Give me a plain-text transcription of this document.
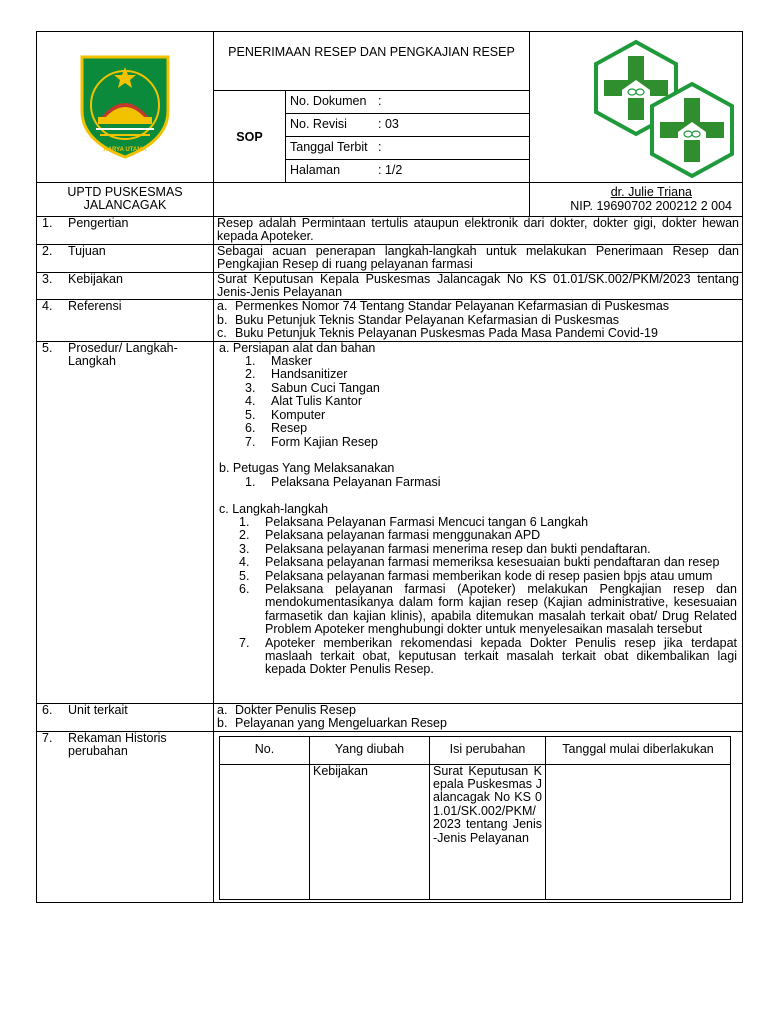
KARYA UTAMA	PENERIMAAN RESEP DAN PENGKAJIAN RESEP	

	SOP	No. Dokumen :	
		No. Revisi : 03	
		Tanggal Terbit :	
		Halaman : 1/2	
UPTD PUSKESMAS JALANCAGAK			dr. Julie Triana
NIP. 19690702 200212 2 004
1. Pengertian	Resep adalah Permintaan tertulis ataupun elektronik dari dokter, dokter gigi, dokter hewan kepada Apoteker.
2. Tujuan	Sebagai acuan penerapan langkah-langkah untuk melakukan Penerimaan Resep dan Pengkajian Resep di ruang pelayanan farmasi
3. Kebijakan	Surat Keputusan Kepala Puskesmas Jalancagak No KS 01.01/SK.002/PKM/2023 tentang Jenis-Jenis Pelayanan
4. Referensi	a. Permenkes Nomor 74 Tentang Standar Pelayanan Kefarmasian di Puskesmas
b. Buku Petunjuk Teknis Standar Pelayanan Kefarmasian di Puskesmas
c. Buku Petunjuk Teknis Pelayanan Puskesmas Pada Masa Pandemi Covid-19

5. Prosedur/ Langkah-Langkah	
a. Persiapan alat dan bahan
1.	Masker
2.	Handsanitizer
3.	Sabun Cuci Tangan
4.	Alat Tulis Kantor
5.	Komputer
6.	Resep
7.	Form Kajian Resep
b. Petugas Yang Melaksanakan
1.	Pelaksana Pelayanan Farmasi
c. Langkah-langkah
1.	Pelaksana Pelayanan Farmasi Mencuci tangan 6 Langkah
2.	Pelaksana pelayanan farmasi menggunakan APD
3.	Pelaksana pelayanan farmasi menerima resep dan bukti pendaftaran.
4.	Pelaksana pelayanan farmasi memeriksa kesesuaian bukti pendaftaran dan resep
5.	Pelaksana pelayanan farmasi memberikan kode di resep pasien bpjs atau umum
6.	Pelaksana pelayanan farmasi (Apoteker) melakukan Pengkajian resep dan mendokumentasikanya dalam form kajian resep (Kajian administrative, kesesuaian farmasetik dan kajian klinis), apabila ditemukan masalah terkait obat/ Drug Related Problem Apoteker menghubungi dokter untuk menyelesaikan masalah tersebut
7.	Apoteker memberikan rekomendasi kepada Dokter Penulis resep jika terdapat maslaah terkait obat, keputusan terkait masalah terkait obat dikembalikan lagi kepada Dokter Penulis Resep.

6. Unit terkait	a. Dokter Penulis Resep
b. Pelayanan yang Mengeluarkan Resep

7. Rekaman Historis perubahan		No.	Yang diubah	Isi perubahan	Tanggal mulai diberlakukan
	Kebijakan	Surat Keputusan Kepala Puskesmas Jalancagak No KS 01.01/SK.002/PKM/2023 tentang Jenis-Jenis Pelayanan	
